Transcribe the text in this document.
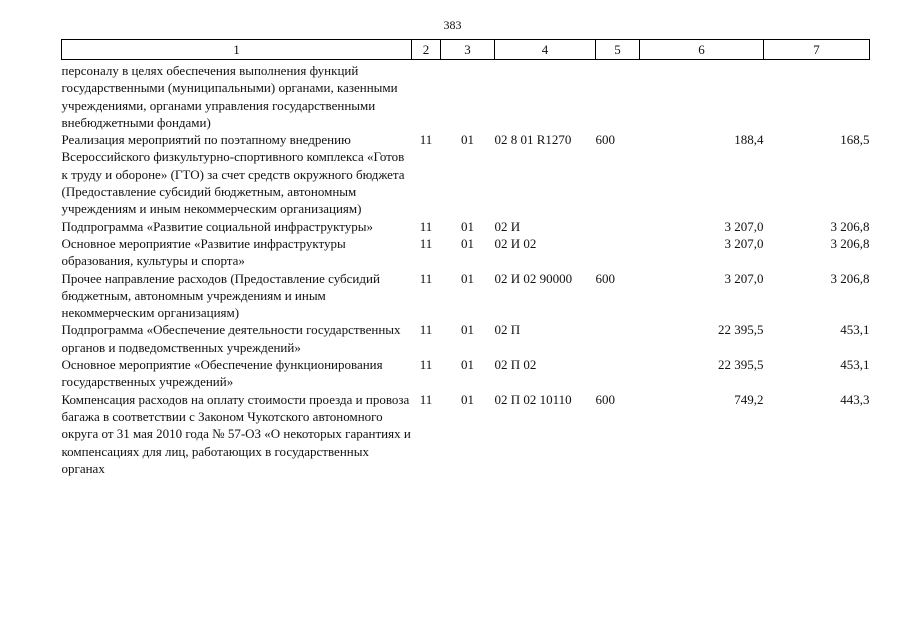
383
1	2	3	4	5	6	7
персоналу в целях обеспечения выполнения функций государственными (муниципальными) органами, казенными учреждениями, органами управления государственными внебюджетными фондами)						
Реализация мероприятий по поэтапному внедрению Всероссийского физкультурно-спортивного комплекса «Готов к труду и обороне» (ГТО) за счет средств окружного бюджета (Предоставление субсидий бюджетным, автономным учреждениям и иным некоммерческим организациям)	11	01	02 8 01 R1270	600	188,4	168,5
Подпрограмма «Развитие социальной инфраструктуры»	11	01	02 И		3 207,0	3 206,8
Основное мероприятие «Развитие инфраструктуры образования, культуры и спорта»	11	01	02 И 02		3 207,0	3 206,8
Прочее направление расходов (Предоставление субсидий бюджетным, автономным учреждениям и иным некоммерческим организациям)	11	01	02 И 02 90000	600	3 207,0	3 206,8
Подпрограмма «Обеспечение деятельности государственных органов и подведомственных учреждений»	11	01	02 П		22 395,5	453,1
Основное мероприятие «Обеспечение функционирования государственных учреждений»	11	01	02 П 02		22 395,5	453,1
Компенсация расходов на оплату стоимости проезда и провоза багажа в соответствии с Законом Чукотского автономного округа от 31 мая 2010 года № 57-ОЗ «О некоторых гарантиях и компенсациях для лиц, работающих в государственных органах	11	01	02 П 02 10110	600	749,2	443,3
